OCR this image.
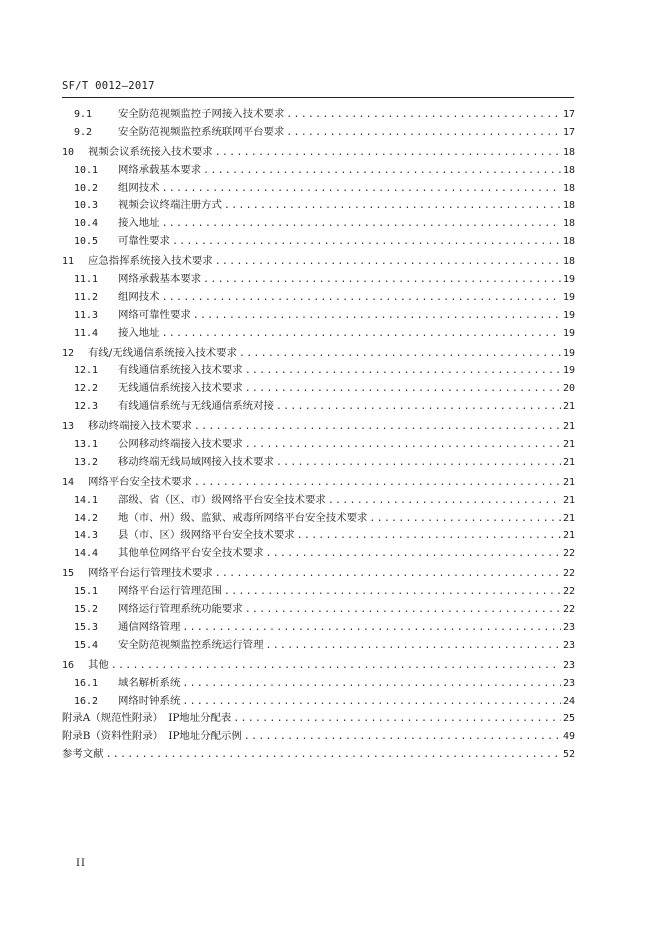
SF/T 0012—2017
9.1	安全防范视频监控子网接入技术要求 .....	17
9.2	安全防范视频监控系统联网平台要求 .....	17
10	视频会议系统接入技术要求 .....	18
10.1	网络承载基本要求 .....	18
10.2	组网技术 .....	18
10.3	视频会议终端注册方式 .....	18
10.4	接入地址 .....	18
10.5	可靠性要求 .....	18
11	应急指挥系统接入技术要求 .....	18
11.1	网络承载基本要求 .....	19
11.2	组网技术 .....	19
11.3	网络可靠性要求 .....	19
11.4	接入地址 .....	19
12	有线/无线通信系统接入技术要求 .....	19
12.1	有线通信系统接入技术要求 .....	19
12.2	无线通信系统接入技术要求 .....	20
12.3	有线通信系统与无线通信系统对接 .....	21
13	移动终端接入技术要求 .....	21
13.1	公网移动终端接入技术要求 .....	21
13.2	移动终端无线局域网接入技术要求 .....	21
14	网络平台安全技术要求 .....	21
14.1	部级、省（区、市）级网络平台安全技术要求 .....	21
14.2	地（市、州）级、监狱、戒毒所网络平台安全技术要求 .....	21
14.3	县（市、区）级网络平台安全技术要求 .....	21
14.4	其他单位网络平台安全技术要求 .....	22
15	网络平台运行管理技术要求 .....	22
15.1	网络平台运行管理范围 .....	22
15.2	网络运行管理系统功能要求 .....	22
15.3	通信网络管理 .....	23
15.4	安全防范视频监控系统运行管理 .....	23
16	其他 .....	23
16.1	域名解析系统 .....	23
16.2	网络时钟系统 .....	24
附录A（规范性附录）　IP地址分配表 .....	25
附录B（资料性附录）　IP地址分配示例 .....	49
参考文献 .....	52
II
